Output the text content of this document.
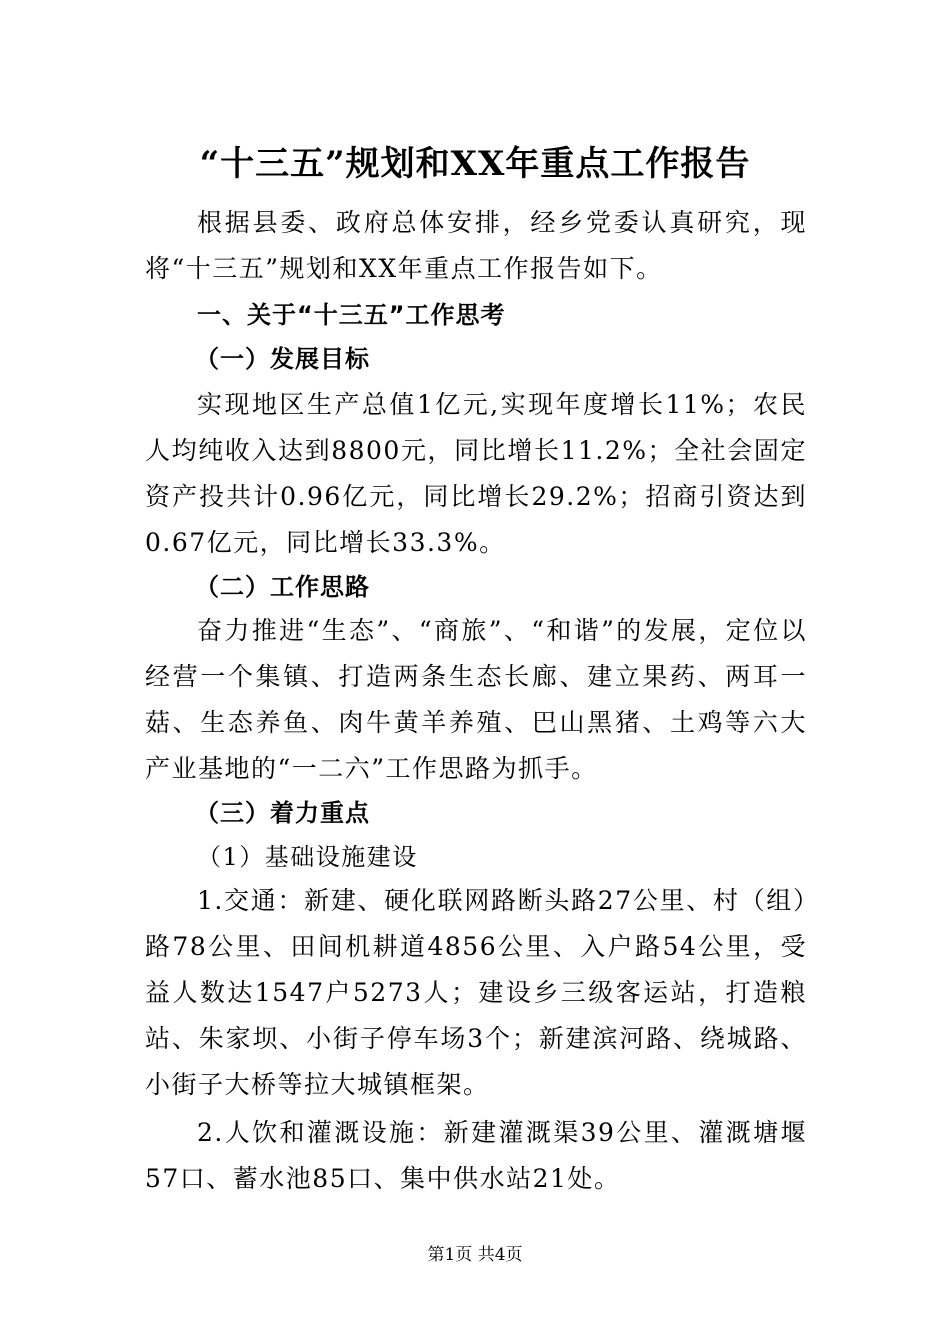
“十三五”规划和XX年重点工作报告

根据县委、政府总体安排，经乡党委认真研究，现将“十三五”规划和XX年重点工作报告如下。

一、关于“十三五”工作思考

（一）发展目标

实现地区生产总值1亿元,实现年度增长11%；农民人均纯收入达到8800元，同比增长11.2%；全社会固定资产投共计0.96亿元，同比增长29.2%；招商引资达到0.67亿元，同比增长33.3%。

（二）工作思路

奋力推进“生态”、“商旅”、“和谐”的发展，定位以经营一个集镇、打造两条生态长廊、建立果药、两耳一菇、生态养鱼、肉牛黄羊养殖、巴山黑猪、土鸡等六大产业基地的“一二六”工作思路为抓手。

（三）着力重点

（1）基础设施建设

1.交通：新建、硬化联网路断头路27公里、村（组）路78公里、田间机耕道4856公里、入户路54公里，受益人数达1547户5273人；建设乡三级客运站，打造粮站、朱家坝、小街子停车场3个；新建滨河路、绕城路、小街子大桥等拉大城镇框架。

2.人饮和灌溉设施：新建灌溉渠39公里、灌溉塘堰57口、蓄水池85口、集中供水站21处。

第1页 共4页
